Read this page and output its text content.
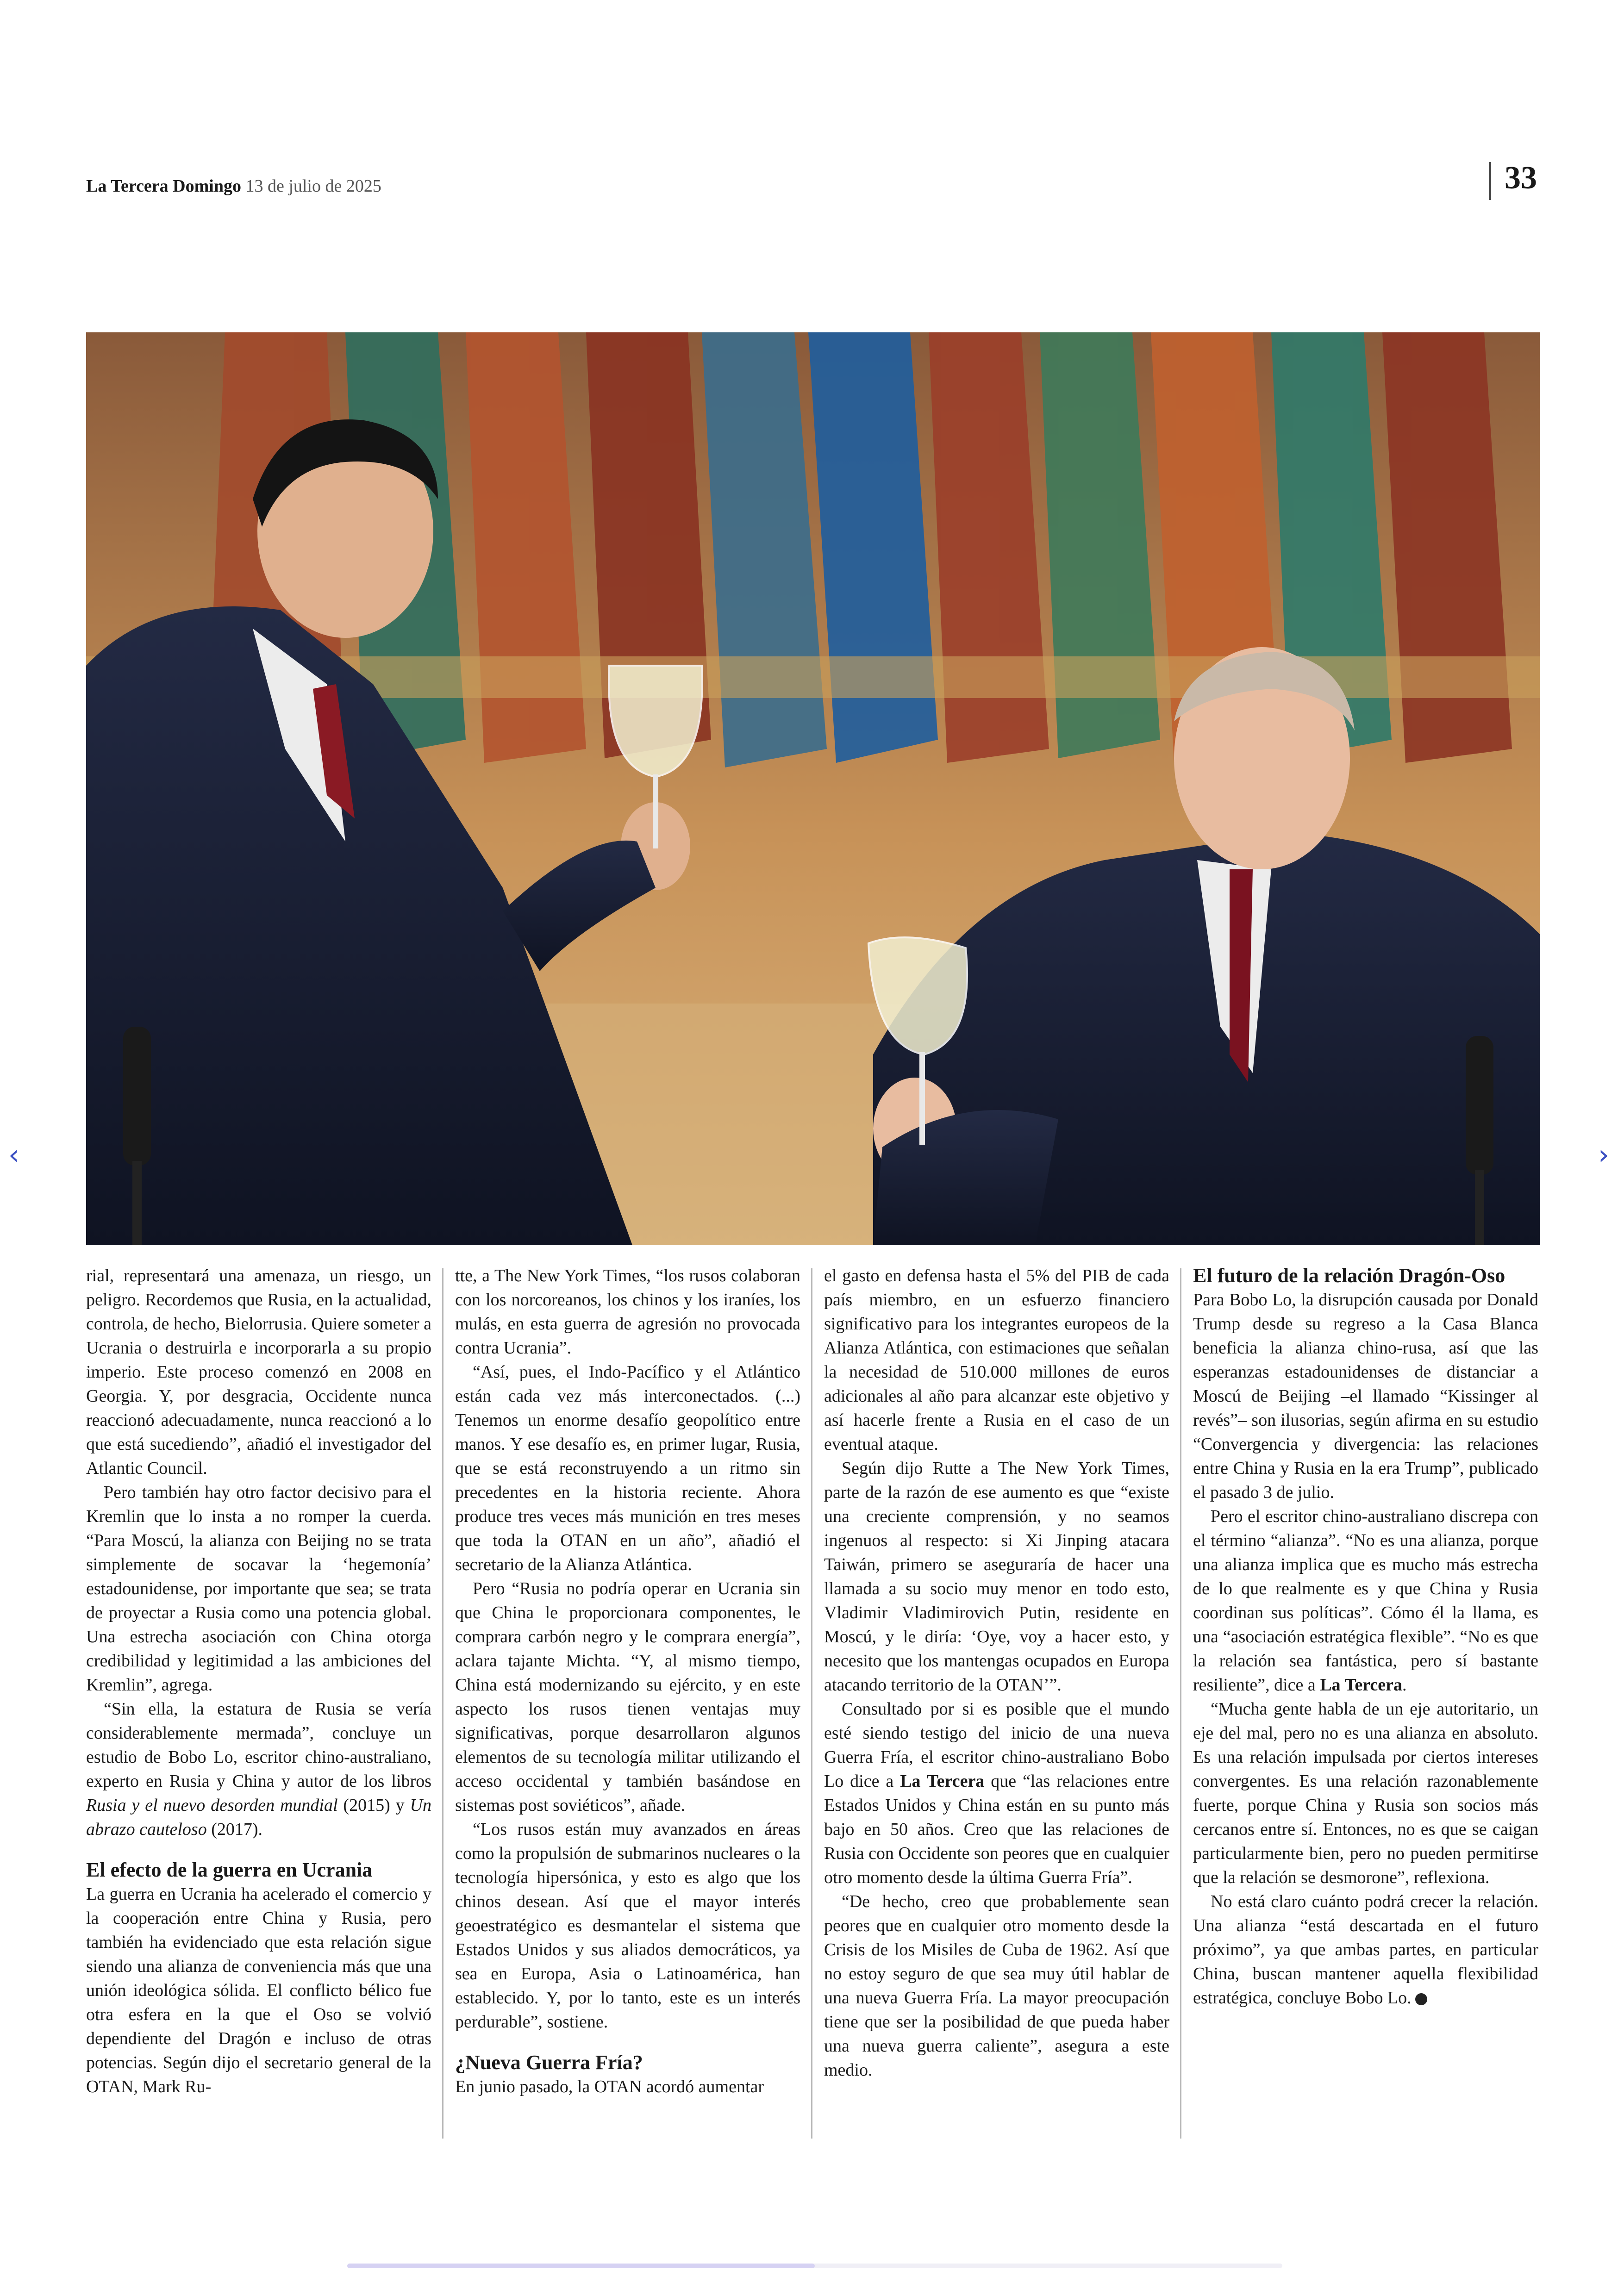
La Tercera Domingo 13 de julio de 2025	33

rial, representará una amenaza, un riesgo, un peligro. Recordemos que Rusia, en la actualidad, controla, de hecho, Bielorrusia. Quiere someter a Ucrania o destruirla e incorporarla a su propio imperio. Este proceso comenzó en 2008 en Georgia. Y, por desgracia, Occidente nunca reaccionó adecuadamente, nunca reaccionó a lo que está sucediendo”, añadió el investigador del Atlantic Council.

Pero también hay otro factor decisivo para el Kremlin que lo insta a no romper la cuerda. “Para Moscú, la alianza con Beijing no se trata simplemente de socavar la ‘hegemonía’ estadounidense, por importante que sea; se trata de proyectar a Rusia como una potencia global. Una estrecha asociación con China otorga credibilidad y legitimidad a las ambiciones del Kremlin”, agrega.

“Sin ella, la estatura de Rusia se vería considerablemente mermada”, concluye un estudio de Bobo Lo, escritor chino-australiano, experto en Rusia y China y autor de los libros Rusia y el nuevo desorden mundial (2015) y Un abrazo cauteloso (2017).

El efecto de la guerra en Ucrania

La guerra en Ucrania ha acelerado el comercio y la cooperación entre China y Rusia, pero también ha evidenciado que esta relación sigue siendo una alianza de conveniencia más que una unión ideológica sólida. El conflicto bélico fue otra esfera en la que el Oso se volvió dependiente del Dragón e incluso de otras potencias. Según dijo el secretario general de la OTAN, Mark Ru-

tte, a The New York Times, “los rusos colaboran con los norcoreanos, los chinos y los iraníes, los mulás, en esta guerra de agresión no provocada contra Ucrania”.

“Así, pues, el Indo-Pacífico y el Atlántico están cada vez más interconectados. (...) Tenemos un enorme desafío geopolítico entre manos. Y ese desafío es, en primer lugar, Rusia, que se está reconstruyendo a un ritmo sin precedentes en la historia reciente. Ahora produce tres veces más munición en tres meses que toda la OTAN en un año”, añadió el secretario de la Alianza Atlántica.

Pero “Rusia no podría operar en Ucrania sin que China le proporcionara componentes, le comprara carbón negro y le comprara energía”, aclara tajante Michta. “Y, al mismo tiempo, China está modernizando su ejército, y en este aspecto los rusos tienen ventajas muy significativas, porque desarrollaron algunos elementos de su tecnología militar utilizando el acceso occidental y también basándose en sistemas post soviéticos”, añade.

“Los rusos están muy avanzados en áreas como la propulsión de submarinos nucleares o la tecnología hipersónica, y esto es algo que los chinos desean. Así que el mayor interés geoestratégico es desmantelar el sistema que Estados Unidos y sus aliados democráticos, ya sea en Europa, Asia o Latinoamérica, han establecido. Y, por lo tanto, este es un interés perdurable”, sostiene.

¿Nueva Guerra Fría?

En junio pasado, la OTAN acordó aumentar

el gasto en defensa hasta el 5% del PIB de cada país miembro, en un esfuerzo financiero significativo para los integrantes europeos de la Alianza Atlántica, con estimaciones que señalan la necesidad de 510.000 millones de euros adicionales al año para alcanzar este objetivo y así hacerle frente a Rusia en el caso de un eventual ataque.

Según dijo Rutte a The New York Times, parte de la razón de ese aumento es que “existe una creciente comprensión, y no seamos ingenuos al respecto: si Xi Jinping atacara Taiwán, primero se aseguraría de hacer una llamada a su socio muy menor en todo esto, Vladimir Vladimirovich Putin, residente en Moscú, y le diría: ‘Oye, voy a hacer esto, y necesito que los mantengas ocupados en Europa atacando territorio de la OTAN’”.

Consultado por si es posible que el mundo esté siendo testigo del inicio de una nueva Guerra Fría, el escritor chino-australiano Bobo Lo dice a La Tercera que “las relaciones entre Estados Unidos y China están en su punto más bajo en 50 años. Creo que las relaciones de Rusia con Occidente son peores que en cualquier otro momento desde la última Guerra Fría”.

“De hecho, creo que probablemente sean peores que en cualquier otro momento desde la Crisis de los Misiles de Cuba de 1962. Así que no estoy seguro de que sea muy útil hablar de una nueva Guerra Fría. La mayor preocupación tiene que ser la posibilidad de que pueda haber una nueva guerra caliente”, asegura a este medio.

El futuro de la relación Dragón-Oso

Para Bobo Lo, la disrupción causada por Donald Trump desde su regreso a la Casa Blanca beneficia la alianza chino-rusa, así que las esperanzas estadounidenses de distanciar a Moscú de Beijing –el llamado “Kissinger al revés”– son ilusorias, según afirma en su estudio “Convergencia y divergencia: las relaciones entre China y Rusia en la era Trump”, publicado el pasado 3 de julio.

Pero el escritor chino-australiano discrepa con el término “alianza”. “No es una alianza, porque una alianza implica que es mucho más estrecha de lo que realmente es y que China y Rusia coordinan sus políticas”. Cómo él la llama, es una “asociación estratégica flexible”. “No es que la relación sea fantástica, pero sí bastante resiliente”, dice a La Tercera.

“Mucha gente habla de un eje autoritario, un eje del mal, pero no es una alianza en absoluto. Es una relación impulsada por ciertos intereses convergentes. Es una relación razonablemente fuerte, porque China y Rusia son socios más cercanos entre sí. Entonces, no es que se caigan particularmente bien, pero no pueden permitirse que la relación se desmorone”, reflexiona.

No está claro cuánto podrá crecer la relación. Una alianza “está descartada en el futuro próximo”, ya que ambas partes, en particular China, buscan mantener aquella flexibilidad estratégica, concluye Bobo Lo.

‹	›
